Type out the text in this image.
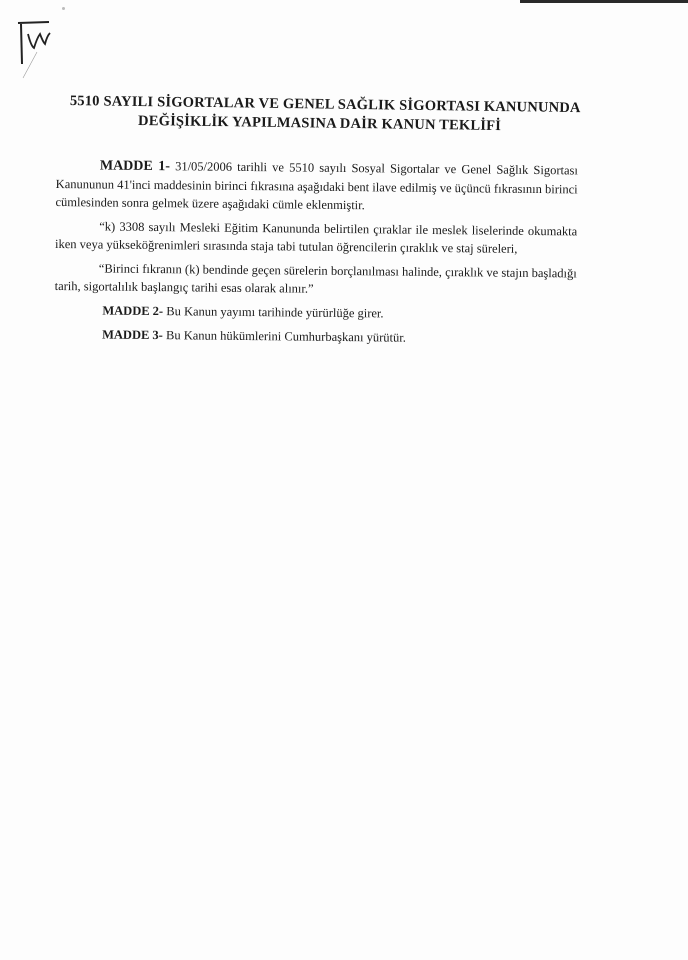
5510 SAYILI SİGORTALAR VE GENEL SAĞLIK SİGORTASI KANUNUNDA
DEĞİŞİKLİK YAPILMASINA DAİR KANUN TEKLİFİ

MADDE 1- 31/05/2006 tarihli ve 5510 sayılı Sosyal Sigortalar ve Genel Sağlık Sigortası Kanununun 41'inci maddesinin birinci fıkrasına aşağıdaki bent ilave edilmiş ve üçüncü fıkrasının birinci cümlesinden sonra gelmek üzere aşağıdaki cümle eklenmiştir.

“k) 3308 sayılı Mesleki Eğitim Kanununda belirtilen çıraklar ile meslek liselerinde okumakta iken veya yükseköğrenimleri sırasında staja tabi tutulan öğrencilerin çıraklık ve staj süreleri,

“Birinci fıkranın (k) bendinde geçen sürelerin borçlanılması halinde, çıraklık ve stajın başladığı tarih, sigortalılık başlangıç tarihi esas olarak alınır.”

MADDE 2- Bu Kanun yayımı tarihinde yürürlüğe girer.

MADDE 3- Bu Kanun hükümlerini Cumhurbaşkanı yürütür.
